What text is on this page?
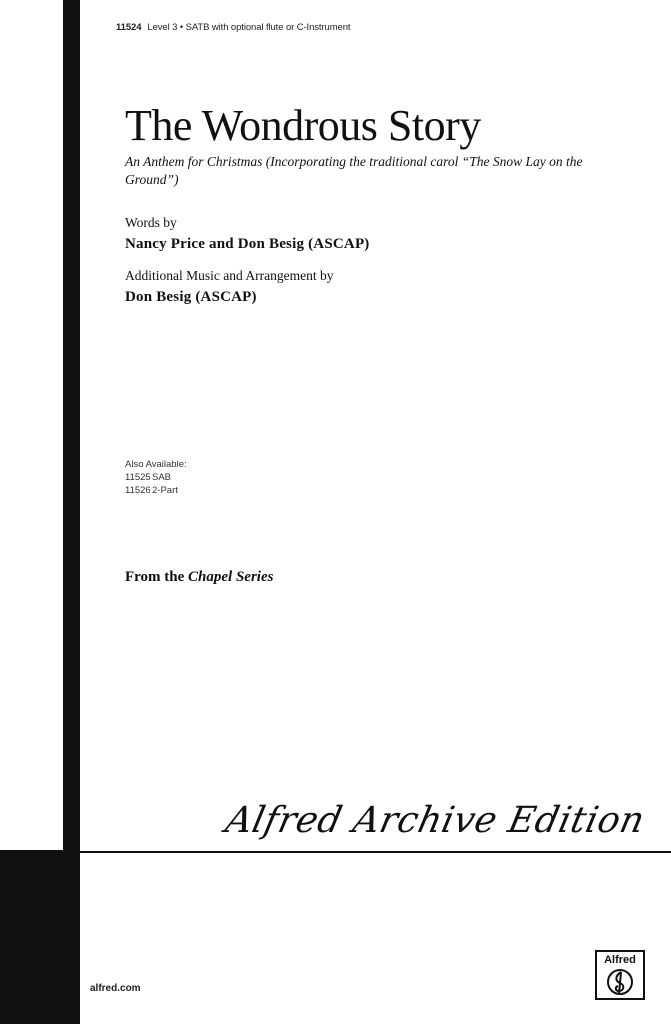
11524 Level 3 • SATB with optional flute or C-Instrument
The Wondrous Story
An Anthem for Christmas (Incorporating the traditional carol “The Snow Lay on the Ground”)
Words by
Nancy Price and Don Besig (ASCAP)
Additional Music and Arrangement by
Don Besig (ASCAP)
Also Available:
11525SAB
115262-Part
From the Chapel Series
Alfred Archive Edition
Alfred
alfred.com
